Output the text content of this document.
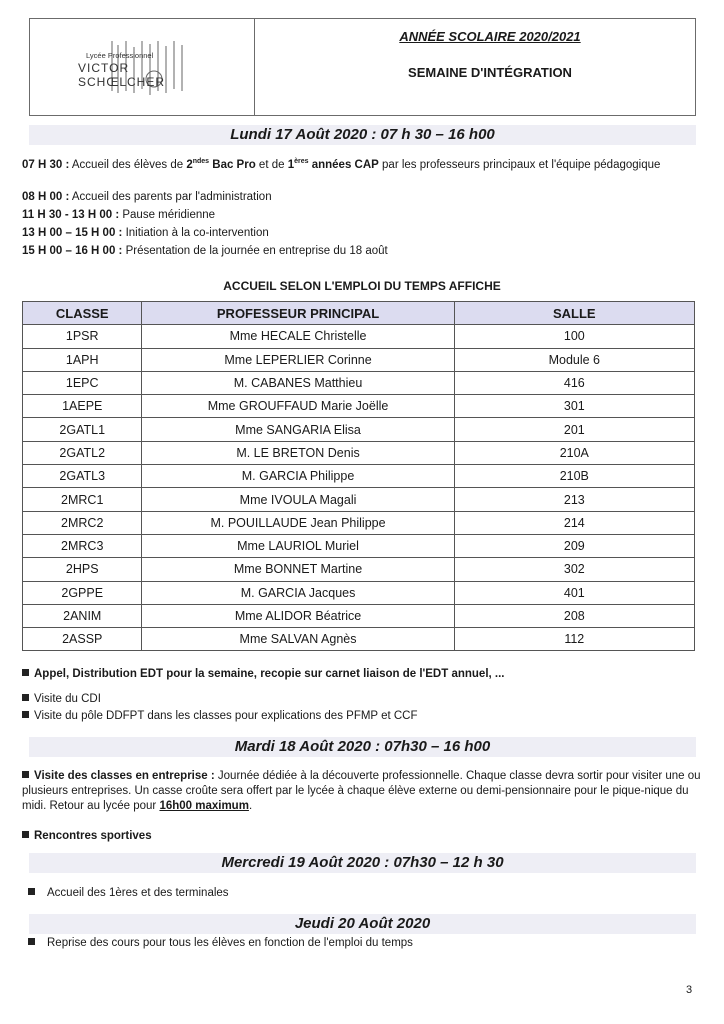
Lycée Professionnel
VICTOR
SCHŒLCHER
ANNÉE SCOLAIRE 2020/2021
SEMAINE D'INTÉGRATION
Lundi 17 Août 2020 : 07 h 30 – 16 h00
07 H 30 : Accueil des élèves de $2^{ndes}$ Bac Pro et de 1ères années CAP par les professeurs principaux et l'équipe pédagogique
08 H 00 : Accueil des parents par l'administration
11 H 30 - 13 H 00 : Pause méridienne
13 H 00 – 15 H 00 : Initiation à la co-intervention
15 H 00 – 16 H 00 : Présentation de la journée en entreprise du 18 août
ACCUEIL SELON L'EMPLOI DU TEMPS AFFICHE
CLASSE	PROFESSEUR PRINCIPAL	SALLE
1PSR	Mme HECALE Christelle	100
1APH	Mme LEPERLIER Corinne	Module 6
1EPC	M. CABANES Matthieu	416
1AEPE	Mme GROUFFAUD Marie Joëlle	301
2GATL1	Mme SANGARIA Elisa	201
2GATL2	M. LE BRETON Denis	210A
2GATL3	M. GARCIA Philippe	210B
2MRC1	Mme IVOULA Magali	213
2MRC2	M. POUILLAUDE Jean Philippe	214
2MRC3	Mme LAURIOL Muriel	209
2HPS	Mme BONNET Martine	302
2GPPE	M. GARCIA Jacques	401
2ANIM	Mme ALIDOR Béatrice	208
2ASSP	Mme SALVAN Agnès	112
Appel, Distribution EDT pour la semaine, recopie sur carnet liaison de l'EDT annuel, ...
Visite du CDI
Visite du pôle DDFPT dans les classes pour explications des PFMP et CCF
Mardi 18 Août 2020 : 07h30 – 16 h00
Visite des classes en entreprise : Journée dédiée à la découverte professionnelle. Chaque classe devra sortir pour visiter une ou plusieurs entreprises. Un casse croûte sera offert par le lycée à chaque élève externe ou demi-pensionnaire pour le pique-nique du midi. Retour au lycée pour 16h00 maximum.
Rencontres sportives
Mercredi 19 Août 2020 : 07h30 – 12 h 30
Accueil des 1ères et des terminales
Jeudi 20 Août 2020
Reprise des cours pour tous les élèves en fonction de l'emploi du temps
3
